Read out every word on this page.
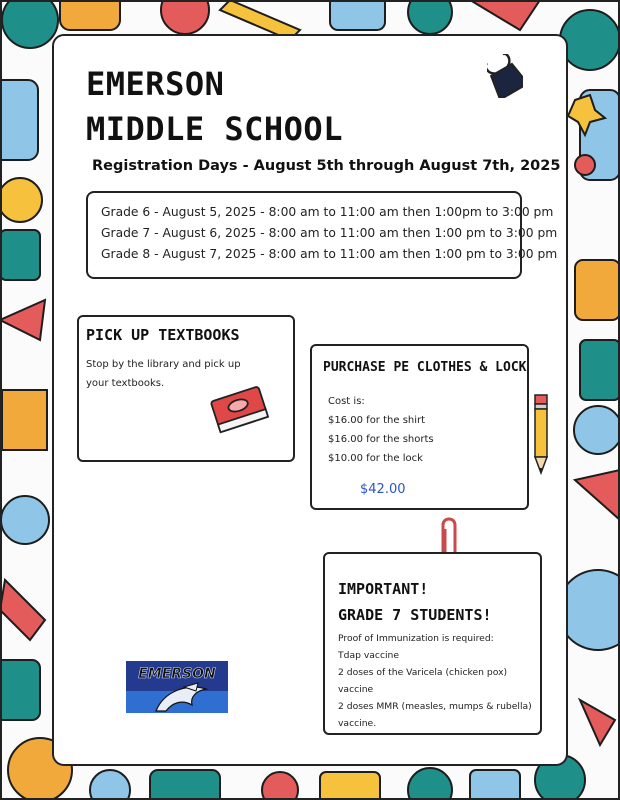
EMERSON
MIDDLE SCHOOL
Registration Days - August 5th through August 7th, 2025
Grade 6 - August 5, 2025 - 8:00 am to 11:00 am then 1:00pm to 3:00 pm
Grade 7 - August 6, 2025 - 8:00 am to 11:00 am then 1:00 pm to 3:00 pm
Grade 8 - August 7, 2025 - 8:00 am to 11:00 am then 1:00 pm to 3:00 pm
PICK UP TEXTBOOKS

Stop by the library and pick up your textbooks.

PURCHASE PE CLOTHES & LOCK
Cost is:
$16.00 for the shirt
$16.00 for the shorts
$10.00 for the lock
$42.00
IMPORTANT!
GRADE 7 STUDENTS!
Proof of Immunization is required:
Tdap vaccine
2 doses of the Varicela (chicken pox) vaccine
2 doses MMR (measles, mumps & rubella) vaccine.
EMERSON
